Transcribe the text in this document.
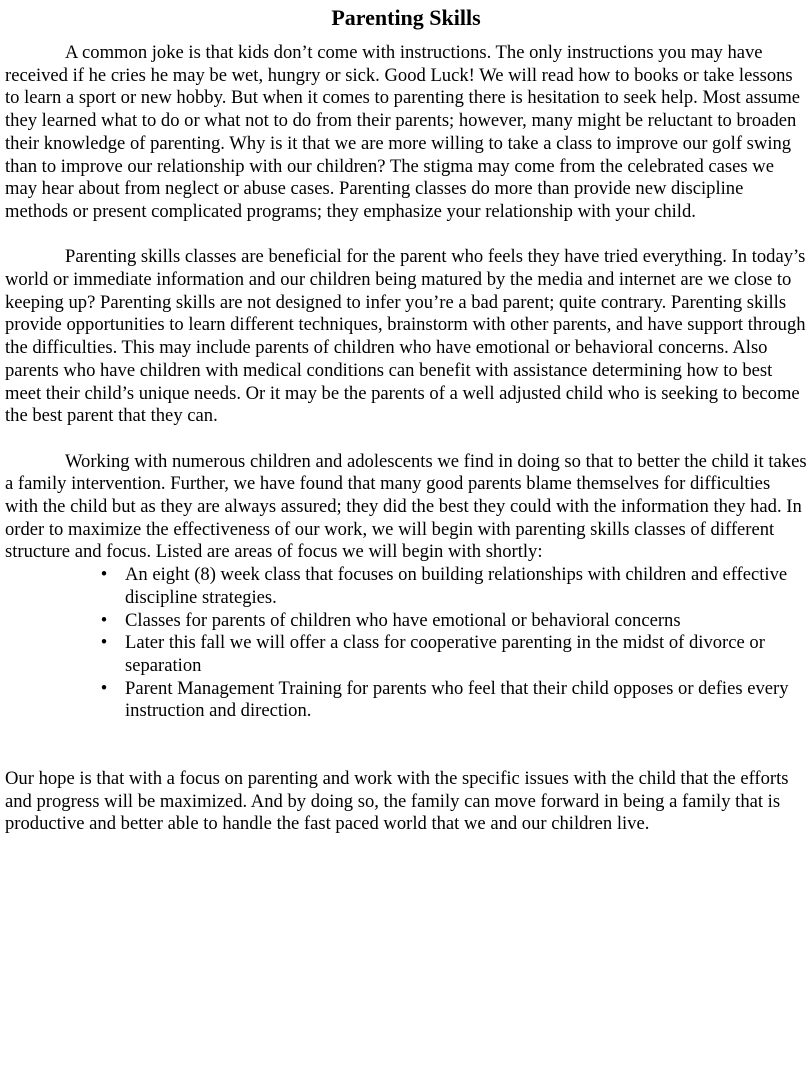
Parenting Skills

A common joke is that kids don’t come with instructions. The only instructions you may have received if he cries he may be wet, hungry or sick. Good Luck! We will read how to books or take lessons to learn a sport or new hobby. But when it comes to parenting there is hesitation to seek help. Most assume they learned what to do or what not to do from their parents; however, many might be reluctant to broaden their knowledge of parenting. Why is it that we are more willing to take a class to improve our golf swing than to improve our relationship with our children? The stigma may come from the celebrated cases we may hear about from neglect or abuse cases. Parenting classes do more than provide new discipline methods or present complicated programs; they emphasize your relationship with your child.

Parenting skills classes are beneficial for the parent who feels they have tried everything. In today’s world or immediate information and our children being matured by the media and internet are we close to keeping up? Parenting skills are not designed to infer you’re a bad parent; quite contrary. Parenting skills provide opportunities to learn different techniques, brainstorm with other parents, and have support through the difficulties. This may include parents of children who have emotional or behavioral concerns. Also parents who have children with medical conditions can benefit with assistance determining how to best meet their child’s unique needs. Or it may be the parents of a well adjusted child who is seeking to become the best parent that they can.

Working with numerous children and adolescents we find in doing so that to better the child it takes a family intervention. Further, we have found that many good parents blame themselves for difficulties with the child but as they are always assured; they did the best they could with the information they had. In order to maximize the effectiveness of our work, we will begin with parenting skills classes of different structure and focus. Listed are areas of focus we will begin with shortly:

• An eight (8) week class that focuses on building relationships with children and effective discipline strategies.
• Classes for parents of children who have emotional or behavioral concerns
• Later this fall we will offer a class for cooperative parenting in the midst of divorce or separation
• Parent Management Training for parents who feel that their child opposes or defies every instruction and direction.

Our hope is that with a focus on parenting and work with the specific issues with the child that the efforts and progress will be maximized. And by doing so, the family can move forward in being a family that is productive and better able to handle the fast paced world that we and our children live.
